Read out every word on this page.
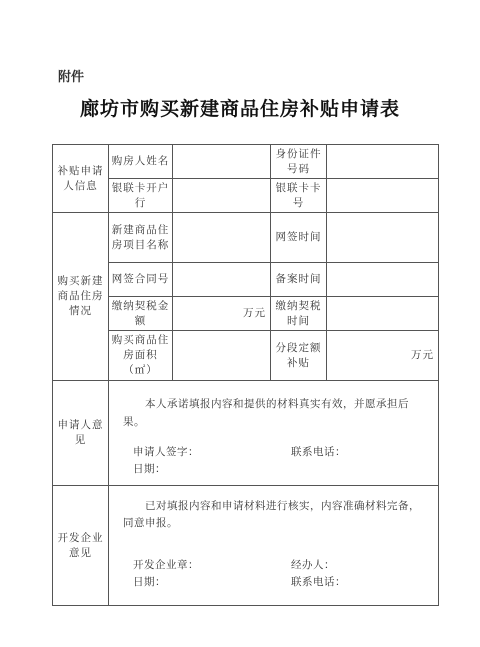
附件
廊坊市购买新建商品住房补贴申请表
补贴申请人信息	购房人姓名		身份证件号码	
	银联卡开户行		银联卡卡号	
购买新建商品住房情况	新建商品住房项目名称		网签时间	
	网签合同号		备案时间	
	缴纳契税金额	万元	缴纳契税时间	
	购买商品住房面积（㎡）		分段定额补贴	万元
申请人意见	本人承诺填报内容和提供的材料真实有效，并愿承担后果。
申请人签字： 联系电话：
日期：			

开发企业意见	已对填报内容和申请材料进行核实，内容准确材料完备，同意申报。
开发企业章： 经办人：
日期： 联系电话：			
